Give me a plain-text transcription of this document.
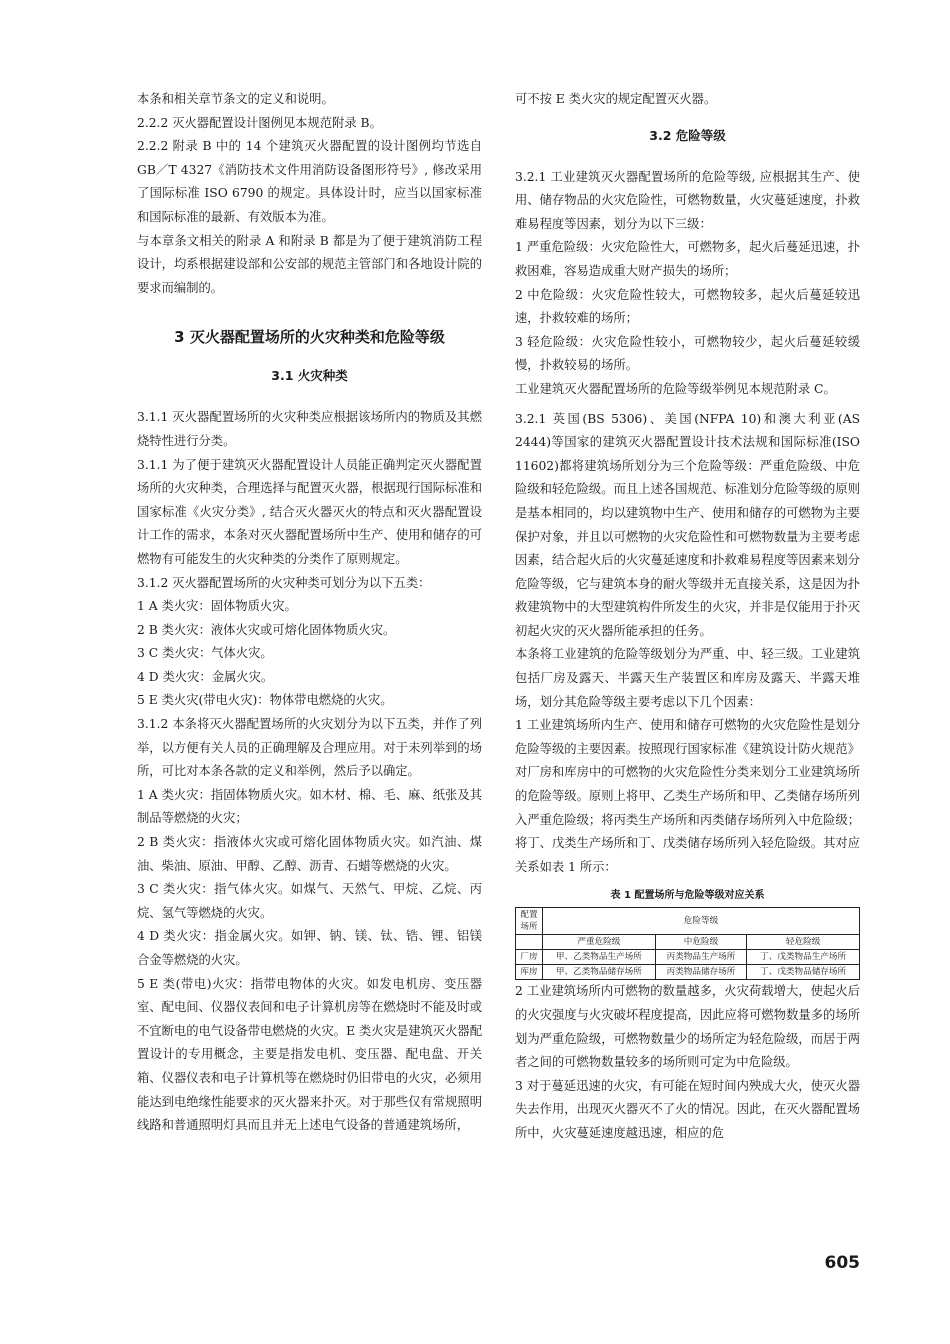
本条和相关章节条文的定义和说明。

2.2.2 灭火器配置设计图例见本规范附录 B。

2.2.2 附录 B 中的 14 个建筑灭火器配置的设计图例均节选自 GB／T 4327《消防技术文件用消防设备图形符号》, 修改采用了国际标准 ISO 6790 的规定。具体设计时，应当以国家标准和国际标准的最新、有效版本为准。

与本章条文相关的附录 A 和附录 B 都是为了便于建筑消防工程设计，均系根据建设部和公安部的规范主管部门和各地设计院的要求而编制的。

3 灭火器配置场所的火灾种类和危险等级
3.1 火灾种类

3.1.1 灭火器配置场所的火灾种类应根据该场所内的物质及其燃烧特性进行分类。

3.1.1 为了便于建筑灭火器配置设计人员能正确判定灭火器配置场所的火灾种类，合理选择与配置灭火器，根据现行国际标准和国家标准《火灾分类》, 结合灭火器灭火的特点和灭火器配置设计工作的需求，本条对灭火器配置场所中生产、使用和储存的可燃物有可能发生的火灾种类的分类作了原则规定。

3.1.2 灭火器配置场所的火灾种类可划分为以下五类：

1 A 类火灾：固体物质火灾。

2 B 类火灾：液体火灾或可熔化固体物质火灾。

3 C 类火灾：气体火灾。

4 D 类火灾：金属火灾。

5 E 类火灾(带电火灾)：物体带电燃烧的火灾。

3.1.2 本条将灭火器配置场所的火灾划分为以下五类，并作了列举，以方便有关人员的正确理解及合理应用。对于未列举到的场所，可比对本条各款的定义和举例，然后予以确定。

1 A 类火灾：指固体物质火灾。如木材、棉、毛、麻、纸张及其制品等燃烧的火灾；

2 B 类火灾：指液体火灾或可熔化固体物质火灾。如汽油、煤油、柴油、原油、甲醇、乙醇、沥青、石蜡等燃烧的火灾。

3 C 类火灾：指气体火灾。如煤气、天然气、甲烷、乙烷、丙烷、氢气等燃烧的火灾。

4 D 类火灾：指金属火灾。如钾、钠、镁、钛、锆、锂、铝镁合金等燃烧的火灾。

5 E 类(带电)火灾：指带电物体的火灾。如发电机房、变压器室、配电间、仪器仪表间和电子计算机房等在燃烧时不能及时或不宜断电的电气设备带电燃烧的火灾。E 类火灾是建筑灭火器配置设计的专用概念，主要是指发电机、变压器、配电盘、开关箱、仪器仪表和电子计算机等在燃烧时仍旧带电的火灾，必须用能达到电绝缘性能要求的灭火器来扑灭。对于那些仅有常规照明线路和普通照明灯具而且并无上述电气设备的普通建筑场所，

可不按 E 类火灾的规定配置灭火器。

3.2 危险等级

3.2.1 工业建筑灭火器配置场所的危险等级, 应根据其生产、使用、储存物品的火灾危险性，可燃物数量，火灾蔓延速度，扑救难易程度等因素，划分为以下三级：

1 严重危险级：火灾危险性大，可燃物多，起火后蔓延迅速，扑救困难，容易造成重大财产损失的场所；

2 中危险级：火灾危险性较大，可燃物较多，起火后蔓延较迅速，扑救较难的场所；

3 轻危险级：火灾危险性较小，可燃物较少，起火后蔓延较缓慢，扑救较易的场所。

工业建筑灭火器配置场所的危险等级举例见本规范附录 C。

3.2.1 英国(BS 5306)、美国(NFPA 10)和澳大利亚(AS 2444)等国家的建筑灭火器配置设计技术法规和国际标准(ISO 11602)都将建筑场所划分为三个危险等级：严重危险级、中危险级和轻危险级。而且上述各国规范、标准划分危险等级的原则是基本相同的，均以建筑物中生产、使用和储存的可燃物为主要保护对象，并且以可燃物的火灾危险性和可燃物数量为主要考虑因素，结合起火后的火灾蔓延速度和扑救难易程度等因素来划分危险等级，它与建筑本身的耐火等级并无直接关系，这是因为扑救建筑物中的大型建筑构件所发生的火灾，并非是仅能用于扑灭初起火灾的灭火器所能承担的任务。

本条将工业建筑的危险等级划分为严重、中、轻三级。工业建筑包括厂房及露天、半露天生产装置区和库房及露天、半露天堆场，划分其危险等级主要考虑以下几个因素：

1 工业建筑场所内生产、使用和储存可燃物的火灾危险性是划分危险等级的主要因素。按照现行国家标准《建筑设计防火规范》对厂房和库房中的可燃物的火灾危险性分类来划分工业建筑场所的危险等级。原则上将甲、乙类生产场所和甲、乙类储存场所列入严重危险级；将丙类生产场所和丙类储存场所列入中危险级；将丁、戊类生产场所和丁、戊类储存场所列入轻危险级。其对应关系如表 1 所示：

表 1 配置场所与危险等级对应关系
配置场所	危险等级		
	严重危险级	中危险级	轻危险级
厂房	甲、乙类物品生产场所	丙类物品生产场所	丁、戊类物品生产场所
库房	甲、乙类物品储存场所	丙类物品储存场所	丁、戊类物品储存场所

2 工业建筑场所内可燃物的数量越多，火灾荷载增大，使起火后的火灾强度与火灾破坏程度提高，因此应将可燃物数量多的场所划为严重危险级，可燃物数量少的场所定为轻危险级，而居于两者之间的可燃物数量较多的场所则可定为中危险级。

3 对于蔓延迅速的火灾，有可能在短时间内殃成大火，使灭火器失去作用，出现灭火器灭不了火的情况。因此，在灭火器配置场所中，火灾蔓延速度越迅速，相应的危

605
